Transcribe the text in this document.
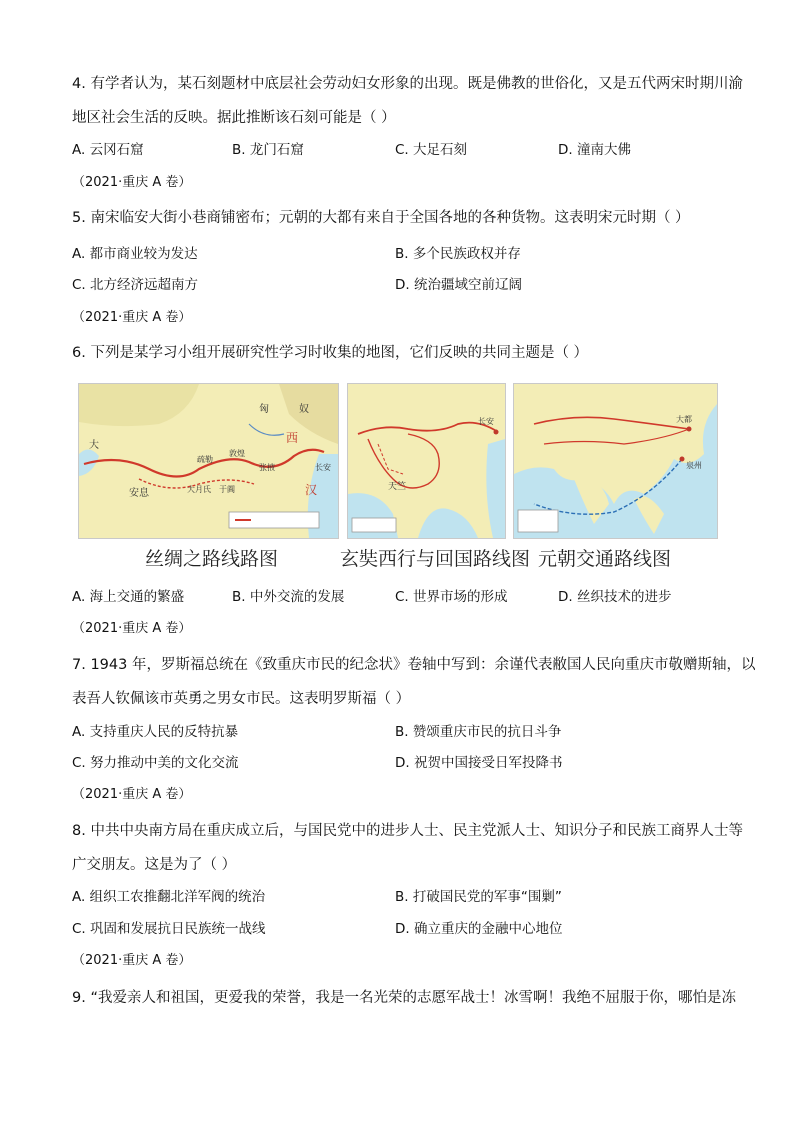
4. 有学者认为，某石刻题材中底层社会劳动妇女形象的出现。既是佛教的世俗化，又是五代两宋时期川渝
地区社会生活的反映。据此推断该石刻可能是（ ）
A. 云冈石窟	B. 龙门石窟	C. 大足石刻	D. 潼南大佛
（2021·重庆 A 卷）
5. 南宋临安大街小巷商铺密布；元朝的大都有来自于全国各地的各种货物。这表明宋元时期（ ）
A. 都市商业较为发达	B. 多个民族政权并存
C. 北方经济远超南方	D. 统治疆域空前辽阔
（2021·重庆 A 卷）
6. 下列是某学习小组开展研究性学习时收集的地图，它们反映的共同主题是（ ）
匈	奴
西
汉
长安
大
安息	大月氏
敦煌
疏勒
于阗
张掖
长安
天竺
大都
泉州
丝绸之路线路图	玄奘西行与回国路线图 元朝交通路线图
A. 海上交通的繁盛	B. 中外交流的发展	C. 世界市场的形成	D. 丝织技术的进步
（2021·重庆 A 卷）
7. 1943 年，罗斯福总统在《致重庆市民的纪念状》卷轴中写到：余谨代表敝国人民向重庆市敬赠斯轴，以
表吾人钦佩该市英勇之男女市民。这表明罗斯福（ ）
A. 支持重庆人民的反特抗暴	B. 赞颂重庆市民的抗日斗争
C. 努力推动中美的文化交流	D. 祝贺中国接受日军投降书
（2021·重庆 A 卷）
8. 中共中央南方局在重庆成立后，与国民党中的进步人士、民主党派人士、知识分子和民族工商界人士等
广交朋友。这是为了（ ）
A. 组织工农推翻北洋军阀的统治	B. 打破国民党的军事“围剿”
C. 巩固和发展抗日民族统一战线	D. 确立重庆的金融中心地位
（2021·重庆 A 卷）
9. “我爱亲人和祖国，更爱我的荣誉，我是一名光荣的志愿军战士！冰雪啊！我绝不屈服于你，哪怕是冻
